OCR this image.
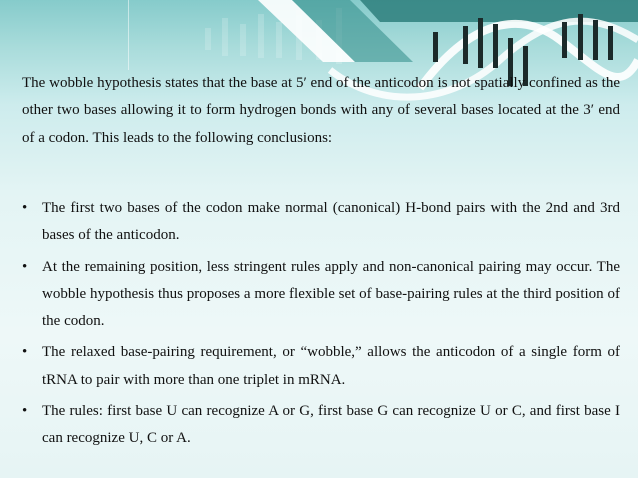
The wobble hypothesis states that the base at 5′ end of the anticodon is not spatially confined as the other two bases allowing it to form hydrogen bonds with any of several bases located at the 3′ end of a codon. This leads to the following conclusions:

• The first two bases of the codon make normal (canonical) H-bond pairs with the 2nd and 3rd bases of the anticodon.
• At the remaining position, less stringent rules apply and non-canonical pairing may occur. The wobble hypothesis thus proposes a more flexible set of base-pairing rules at the third position of the codon.
• The relaxed base-pairing requirement, or “wobble,” allows the anticodon of a single form of tRNA to pair with more than one triplet in mRNA.
• The rules: first base U can recognize A or G, first base G can recognize U or C, and first base I can recognize U, C or A.
